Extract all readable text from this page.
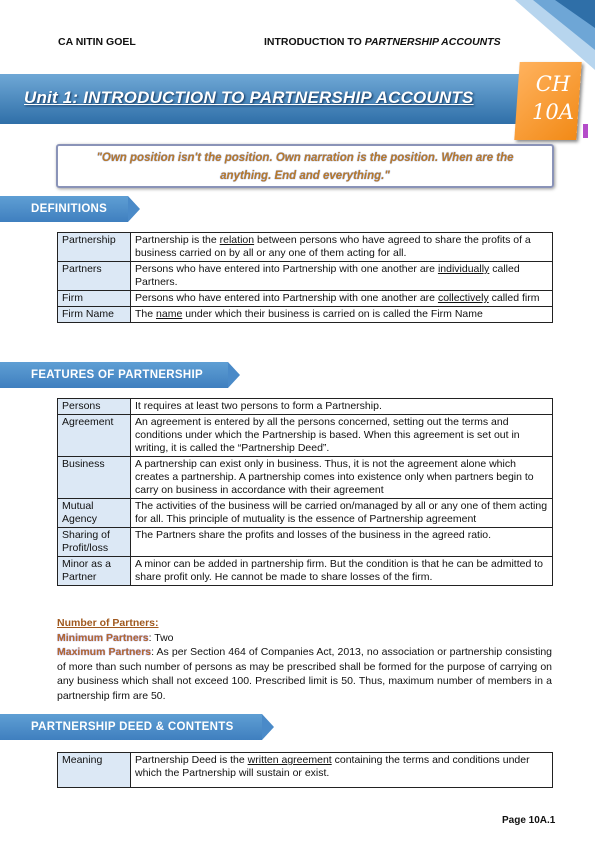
CA NITIN GOEL	INTRODUCTION TO PARTNERSHIP ACCOUNTS
Unit 1: INTRODUCTION TO PARTNERSHIP ACCOUNTS
CH
10A
"Own position isn't the position. Own narration is the position. When are the
anything. End and everything."
DEFINITIONS
Partnership	Partnership is the relation between persons who have agreed to share the profits of a business carried on by all or any one of them acting for all.
Partners	Persons who have entered into Partnership with one another are individually called Partners.
Firm	Persons who have entered into Partnership with one another are collectively called firm
Firm Name	The name under which their business is carried on is called the Firm Name
FEATURES OF PARTNERSHIP
Persons	It requires at least two persons to form a Partnership.
Agreement	An agreement is entered by all the persons concerned, setting out the terms and conditions under which the Partnership is based. When this agreement is set out in writing, it is called the “Partnership Deed”.
Business	A partnership can exist only in business. Thus, it is not the agreement alone which creates a partnership. A partnership comes into existence only when partners begin to carry on business in accordance with their agreement
Mutual Agency	The activities of the business will be carried on/managed by all or any one of them acting for all. This principle of mutuality is the essence of Partnership agreement
Sharing of Profit/loss	The Partners share the profits and losses of the business in the agreed ratio.
Minor as a Partner	A minor can be added in partnership firm. But the condition is that he can be admitted to share profit only. He cannot be made to share losses of the firm.
Number of Partners:
Minimum Partners: Two
Maximum Partners: As per Section 464 of Companies Act, 2013, no association or partnership consisting of more than such number of persons as may be prescribed shall be formed for the purpose of carrying on any business which shall not exceed 100. Prescribed limit is 50. Thus, maximum number of members in a partnership firm are 50.
PARTNERSHIP DEED & CONTENTS
Meaning	Partnership Deed is the written agreement containing the terms and conditions under which the Partnership will sustain or exist.
Page 10A.1
